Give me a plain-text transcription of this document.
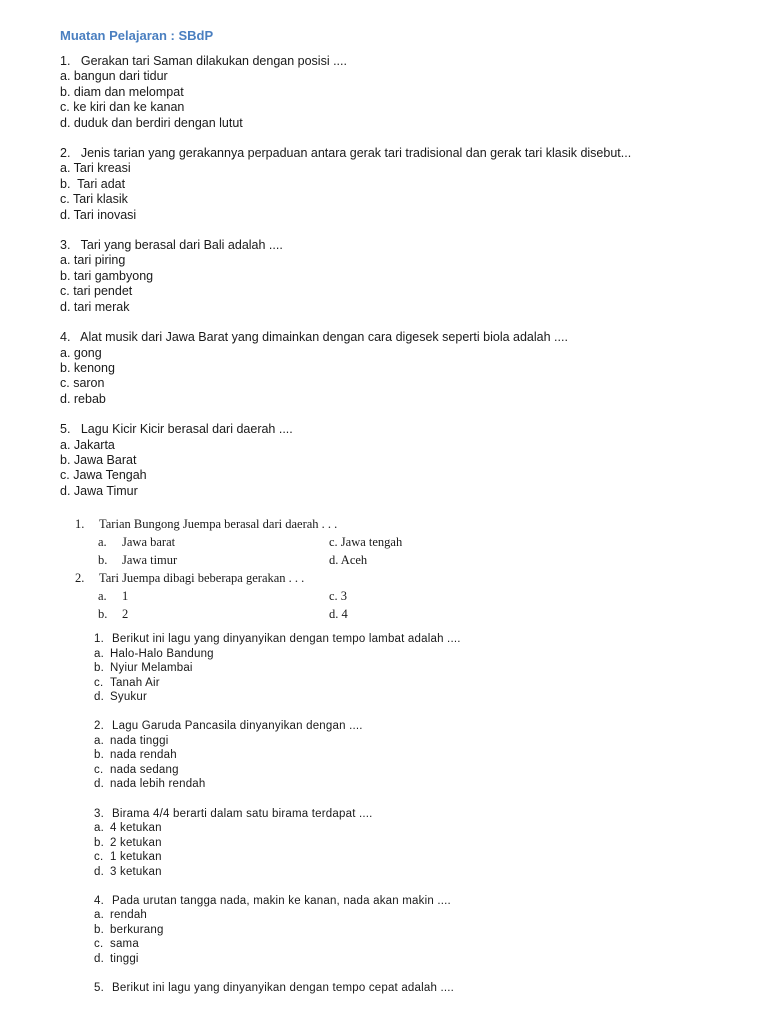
Muatan Pelajaran : SBdP
1.   Gerakan tari Saman dilakukan dengan posisi ....
a. bangun dari tidur
b. diam dan melompat
c. ke kiri dan ke kanan
d. duduk dan berdiri dengan lutut
2.   Jenis tarian yang gerakannya perpaduan antara gerak tari tradisional dan gerak tari klasik disebut...
a. Tari kreasi
b.  Tari adat
c. Tari klasik
d. Tari inovasi
3.   Tari yang berasal dari Bali adalah ....
a. tari piring
b. tari gambyong
c. tari pendet
d. tari merak
4.   Alat musik dari Jawa Barat yang dimainkan dengan cara digesek seperti biola adalah ....
a. gong
b. kenong
c. saron
d. rebab
5.   Lagu Kicir Kicir berasal dari daerah ....
a. Jakarta
b. Jawa Barat
c. Jawa Tengah
d. Jawa Timur
1. Tarian Bungong Juempa berasal dari daerah . . .
a. Jawa barat	c. Jawa tengah
b. Jawa timur	d. Aceh
2. Tari Juempa dibagi beberapa gerakan . . .
a. 1	c. 3
b. 2	d. 4
1. Berikut ini lagu yang dinyanyikan dengan tempo lambat adalah ....
a. Halo-Halo Bandung
b. Nyiur Melambai
c. Tanah Air
d. Syukur
2. Lagu Garuda Pancasila dinyanyikan dengan ....
a. nada tinggi
b. nada rendah
c. nada sedang
d. nada lebih rendah
3. Birama 4/4 berarti dalam satu birama terdapat ....
a. 4 ketukan
b. 2 ketukan
c. 1 ketukan
d. 3 ketukan
4. Pada urutan tangga nada, makin ke kanan, nada akan makin ....
a. rendah
b. berkurang
c. sama
d. tinggi
5. Berikut ini lagu yang dinyanyikan dengan tempo cepat adalah ....
